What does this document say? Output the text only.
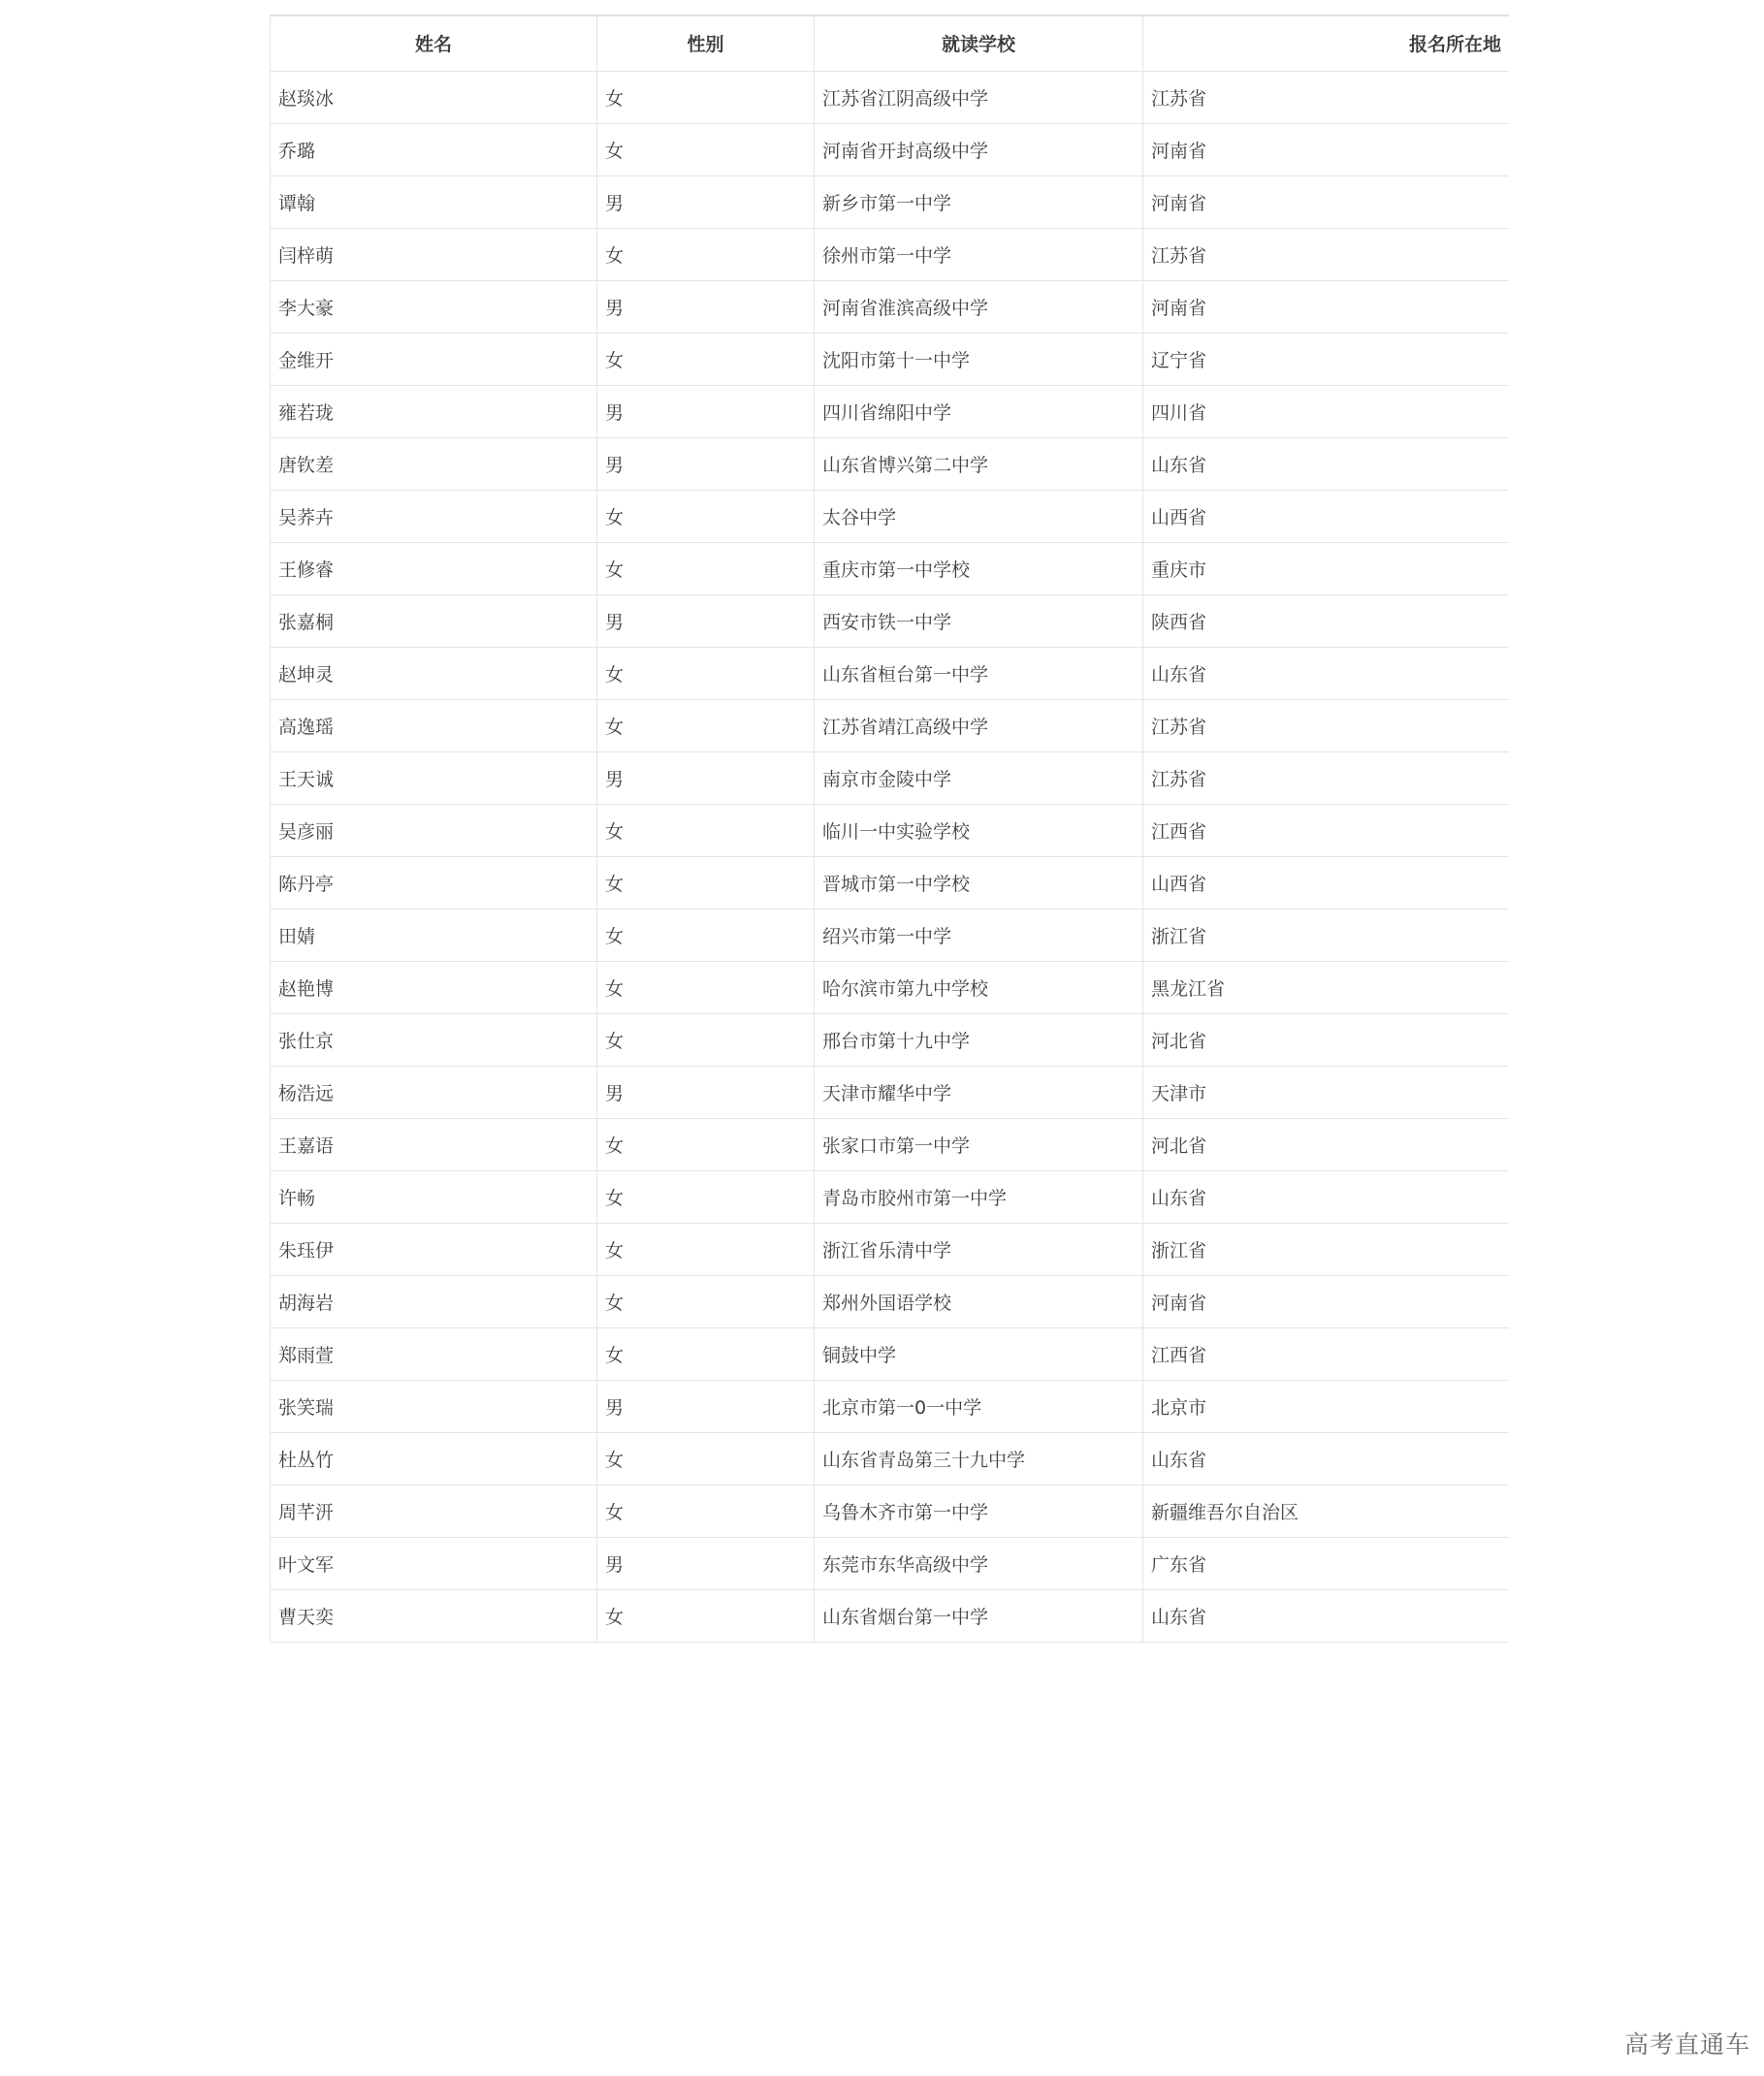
姓名	性别	就读学校	报名所在地
赵琰冰	女	江苏省江阴高级中学	江苏省
乔璐	女	河南省开封高级中学	河南省
谭翰	男	新乡市第一中学	河南省
闫梓萌	女	徐州市第一中学	江苏省
李大豪	男	河南省淮滨高级中学	河南省
金维开	女	沈阳市第十一中学	辽宁省
雍若珑	男	四川省绵阳中学	四川省
唐钦差	男	山东省博兴第二中学	山东省
吴荞卉	女	太谷中学	山西省
王修睿	女	重庆市第一中学校	重庆市
张嘉桐	男	西安市铁一中学	陕西省
赵坤灵	女	山东省桓台第一中学	山东省
高逸瑶	女	江苏省靖江高级中学	江苏省
王天诚	男	南京市金陵中学	江苏省
吴彦丽	女	临川一中实验学校	江西省
陈丹亭	女	晋城市第一中学校	山西省
田婧	女	绍兴市第一中学	浙江省
赵艳博	女	哈尔滨市第九中学校	黑龙江省
张仕京	女	邢台市第十九中学	河北省
杨浩远	男	天津市耀华中学	天津市
王嘉语	女	张家口市第一中学	河北省
许畅	女	青岛市胶州市第一中学	山东省
朱珏伊	女	浙江省乐清中学	浙江省
胡海岩	女	郑州外国语学校	河南省
郑雨萱	女	铜鼓中学	江西省
张笑瑞	男	北京市第一0一中学	北京市
杜丛竹	女	山东省青岛第三十九中学	山东省
周芊汧	女	乌鲁木齐市第一中学	新疆维吾尔自治区
叶文军	男	东莞市东华高级中学	广东省
曹天奕	女	山东省烟台第一中学	山东省
高考直通车
